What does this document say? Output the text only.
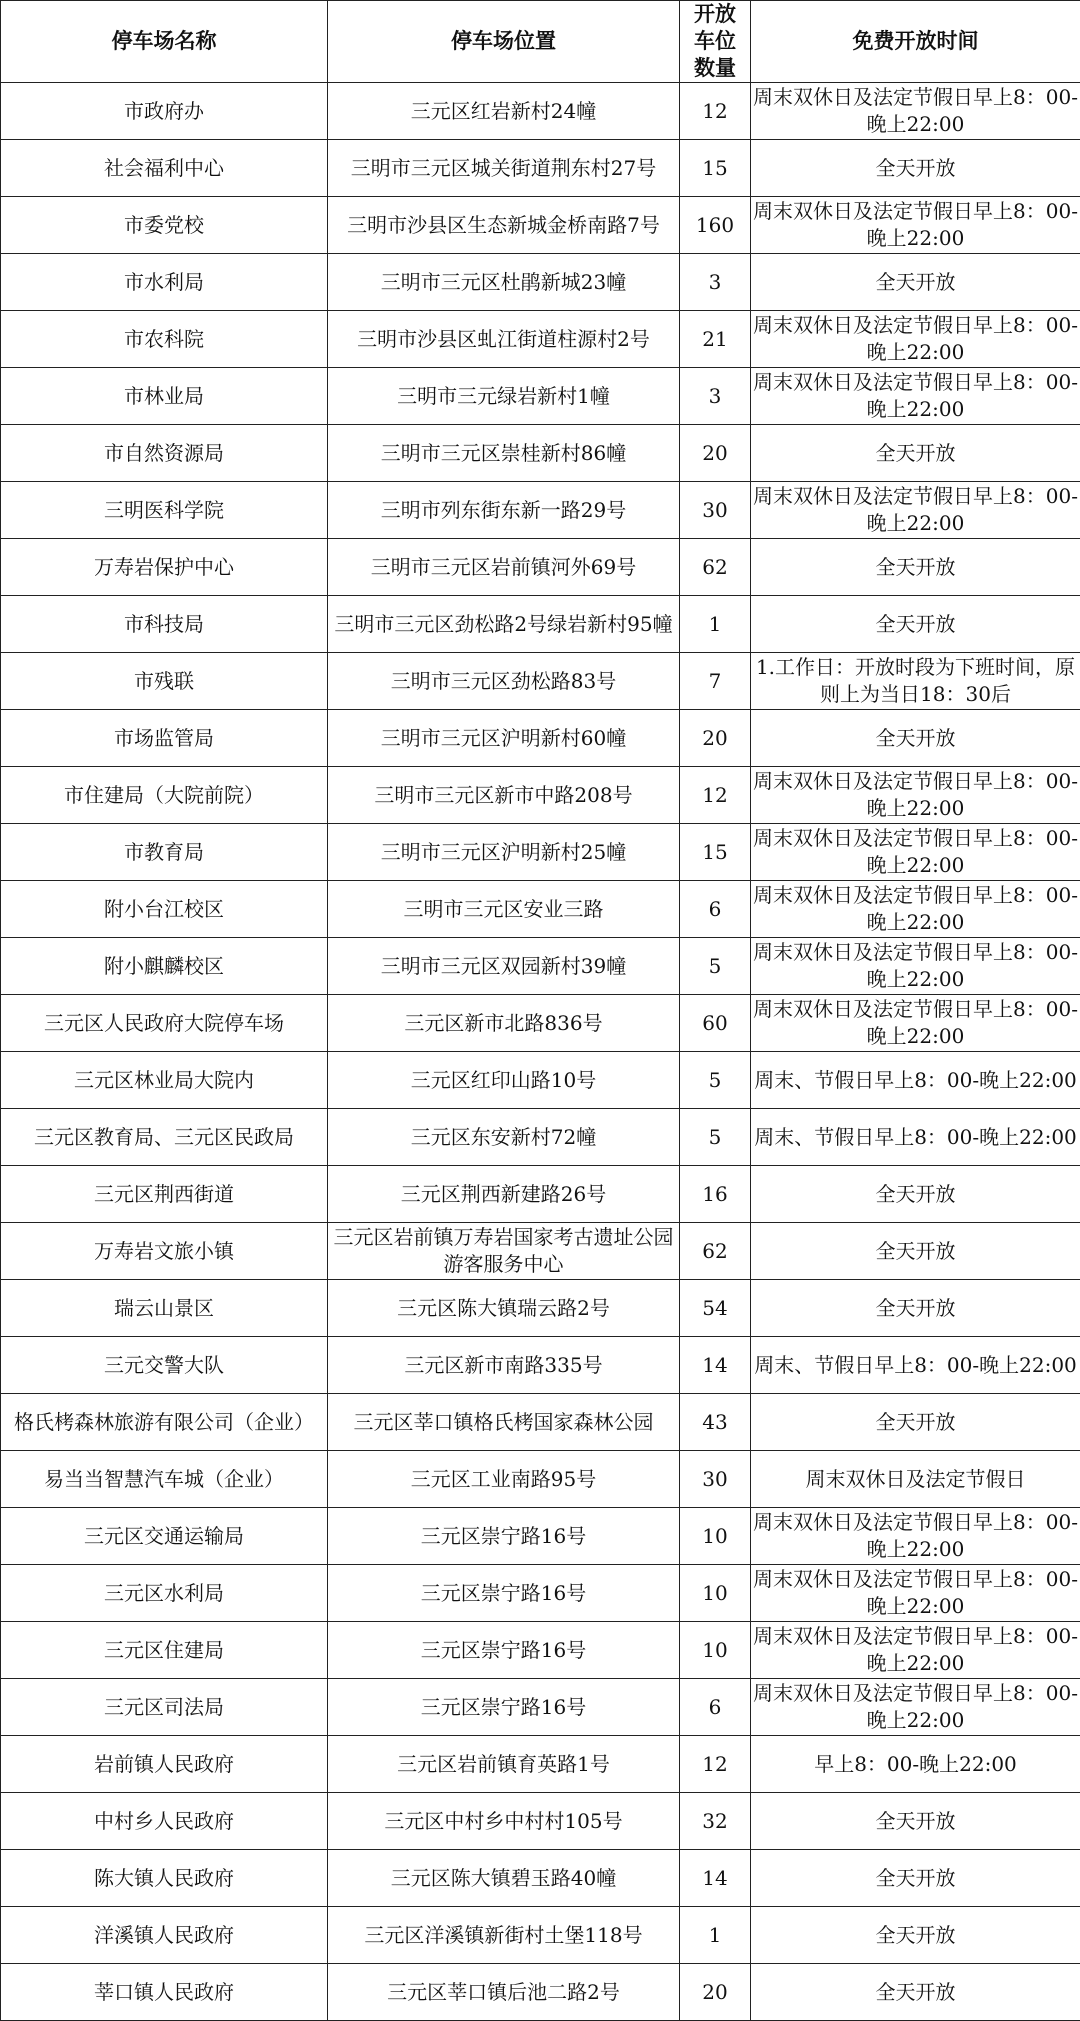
停车场名称	停车场位置	开放车位数量	免费开放时间
市政府办	三元区红岩新村24幢	12	周末双休日及法定节假日早上8：00-晚上22:00
社会福利中心	三明市三元区城关街道荆东村27号	15	全天开放
市委党校	三明市沙县区生态新城金桥南路7号	160	周末双休日及法定节假日早上8：00-晚上22:00
市水利局	三明市三元区杜鹃新城23幢	3	全天开放
市农科院	三明市沙县区虬江街道柱源村2号	21	周末双休日及法定节假日早上8：00-晚上22:00
市林业局	三明市三元绿岩新村1幢	3	周末双休日及法定节假日早上8：00-晚上22:00
市自然资源局	三明市三元区崇桂新村86幢	20	全天开放
三明医科学院	三明市列东街东新一路29号	30	周末双休日及法定节假日早上8：00-晚上22:00
万寿岩保护中心	三明市三元区岩前镇河外69号	62	全天开放
市科技局	三明市三元区劲松路2号绿岩新村95幢	1	全天开放
市残联	三明市三元区劲松路83号	7	1.工作日：开放时段为下班时间，原则上为当日18：30后
市场监管局	三明市三元区沪明新村60幢	20	全天开放
市住建局（大院前院）	三明市三元区新市中路208号	12	周末双休日及法定节假日早上8：00-晚上22:00
市教育局	三明市三元区沪明新村25幢	15	周末双休日及法定节假日早上8：00-晚上22:00
附小台江校区	三明市三元区安业三路	6	周末双休日及法定节假日早上8：00-晚上22:00
附小麒麟校区	三明市三元区双园新村39幢	5	周末双休日及法定节假日早上8：00-晚上22:00
三元区人民政府大院停车场	三元区新市北路836号	60	周末双休日及法定节假日早上8：00-晚上22:00
三元区林业局大院内	三元区红印山路10号	5	周末、节假日早上8：00-晚上22:00
三元区教育局、三元区民政局	三元区东安新村72幢	5	周末、节假日早上8：00-晚上22:00
三元区荆西街道	三元区荆西新建路26号	16	全天开放
万寿岩文旅小镇	三元区岩前镇万寿岩国家考古遗址公园游客服务中心	62	全天开放
瑞云山景区	三元区陈大镇瑞云路2号	54	全天开放
三元交警大队	三元区新市南路335号	14	周末、节假日早上8：00-晚上22:00
格氏栲森林旅游有限公司（企业）	三元区莘口镇格氏栲国家森林公园	43	全天开放
易当当智慧汽车城（企业）	三元区工业南路95号	30	周末双休日及法定节假日
三元区交通运输局	三元区崇宁路16号	10	周末双休日及法定节假日早上8：00-晚上22:00
三元区水利局	三元区崇宁路16号	10	周末双休日及法定节假日早上8：00-晚上22:00
三元区住建局	三元区崇宁路16号	10	周末双休日及法定节假日早上8：00-晚上22:00
三元区司法局	三元区崇宁路16号	6	周末双休日及法定节假日早上8：00-晚上22:00
岩前镇人民政府	三元区岩前镇育英路1号	12	早上8：00-晚上22:00
中村乡人民政府	三元区中村乡中村村105号	32	全天开放
陈大镇人民政府	三元区陈大镇碧玉路40幢	14	全天开放
洋溪镇人民政府	三元区洋溪镇新街村土堡118号	1	全天开放
莘口镇人民政府	三元区莘口镇后池二路2号	20	全天开放
